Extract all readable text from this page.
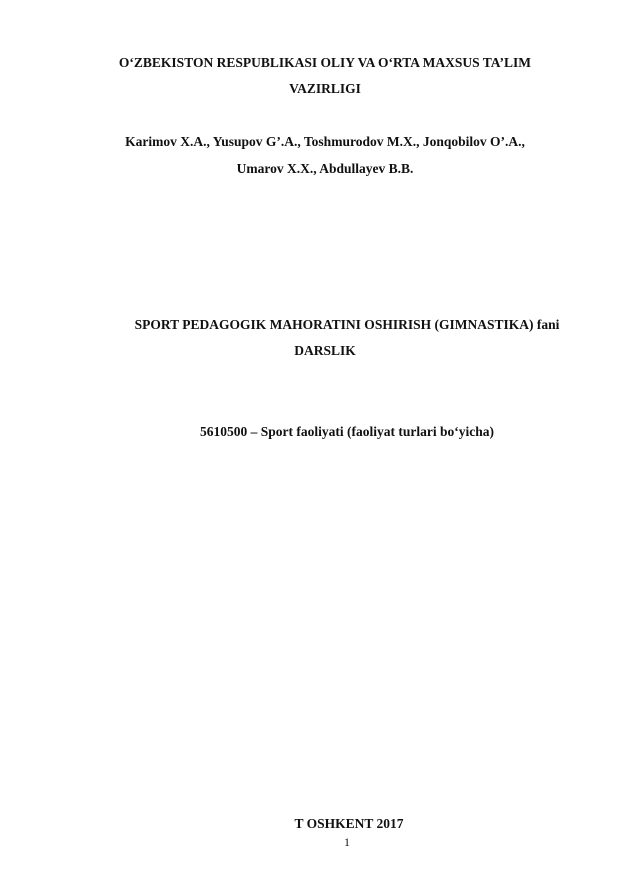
O‘ZBEKISTON RESPUBLIKASI OLIY VA O‘RTA MAXSUS TA’LIM
VAZIRLIGI
Karimov X.A., Yusupov G’.A., Toshmurodov M.X., Jonqobilov O’.A.,
Umarov X.X., Abdullayev B.B.
SPORT PEDAGOGIK MAHORATINI OSHIRISH (GIMNASTIKA) fani
DARSLIK
5610500 – Sport faoliyati (faoliyat turlari bo‘yicha)
T OSHKENT 2017
1
